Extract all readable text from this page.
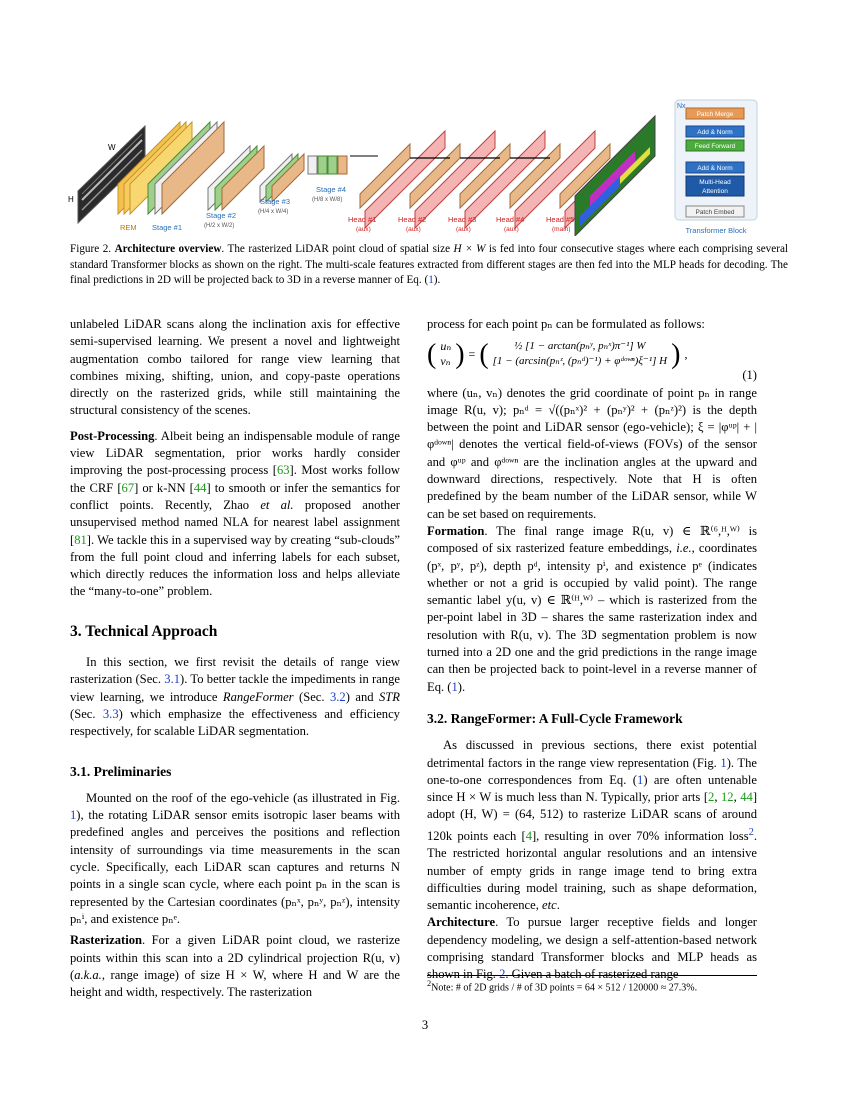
W
H
REM Stage #1
Stage #2
(H/2 x W/2)
Stage #3
(H/4 x W/4)
Stage #4
(H/8 x W/8)
Head #1
(aux)
Head #2
(aux)
Head #3
(aux)
Head #4
(aux)
Head #5
(main)
Nx
Patch Merge
Add & Norm
Feed Forward
Add & Norm
Multi-Head
Attention
Patch Embed
Transformer Block
Figure 2. Architecture overview. The rasterized LiDAR point cloud of spatial size H × W is fed into four consecutive stages where each comprising several standard Transformer blocks as shown on the right. The multi-scale features extracted from different stages are then fed into the MLP heads for decoding. The final predictions in 2D will be projected back to 3D in a reverse manner of Eq. (1).

unlabeled LiDAR scans along the inclination axis for effective semi-supervised learning. We present a novel and lightweight augmentation combo tailored for range view learning that combines mixing, shifting, union, and copy-paste operations directly on the rasterized grids, while still maintaining the structural consistency of the scenes.

Post-Processing. Albeit being an indispensable module of range view LiDAR segmentation, prior works hardly consider improving the post-processing process [63]. Most works follow the CRF [67] or k-NN [44] to smooth or infer the semantics for conflict points. Recently, Zhao et al. proposed another unsupervised method named NLA for nearest label assignment [81]. We tackle this in a supervised way by creating “sub-clouds” from the full point cloud and inferring labels for each subset, which directly reduces the information loss and helps alleviate the “many-to-one” problem.

3. Technical Approach

In this section, we first revisit the details of range view rasterization (Sec. 3.1). To better tackle the impediments in range view learning, we introduce RangeFormer (Sec. 3.2) and STR (Sec. 3.3) which emphasize the effectiveness and efficiency respectively, for scalable LiDAR segmentation.

3.1. Preliminaries

Mounted on the roof of the ego-vehicle (as illustrated in Fig. 1), the rotating LiDAR sensor emits isotropic laser beams with predefined angles and perceives the positions and reflection intensity of surroundings via time measurements in the scan cycle. Specifically, each LiDAR scan captures and returns N points in a single scan cycle, where each point pₙ in the scan is represented by the Cartesian coordinates (pₙˣ, pₙʸ, pₙᶻ), intensity pₙⁱ, and existence pₙᵉ.

Rasterization. For a given LiDAR point cloud, we rasterize points within this scan into a 2D cylindrical projection R(u, v) (a.k.a., range image) of size H × W, where H and W are the height and width, respectively. The rasterization

process for each point pₙ can be formulated as follows:

( uₙ
vₙ ) = (	½ [1 − arctan(pₙʸ, pₙˣ)π⁻¹] W
[1 − (arcsin(pₙᶻ, (pₙᵈ)⁻¹) + φᵈᵒʷⁿ)ξ⁻¹] H ) ,
(1)

where (uₙ, vₙ) denotes the grid coordinate of point pₙ in range image R(u, v); pₙᵈ = √((pₙˣ)² + (pₙʸ)² + (pₙᶻ)²) is the depth between the point and LiDAR sensor (ego-vehicle); ξ = |φᵘᵖ| + |φᵈᵒʷⁿ| denotes the vertical field-of-views (FOVs) of the sensor and φᵘᵖ and φᵈᵒʷⁿ are the inclination angles at the upward and downward directions, respectively. Note that H is often predefined by the beam number of the LiDAR sensor, while W can be set based on requirements.

Formation. The final range image R(u, v) ∈ ℝ⁽⁶,ᴴ,ᵂ⁾ is composed of six rasterized feature embeddings, i.e., coordinates (pˣ, pʸ, pᶻ), depth pᵈ, intensity pⁱ, and existence pᵉ (indicates whether or not a grid is occupied by valid point). The range semantic label y(u, v) ∈ ℝ⁽ᴴ,ᵂ⁾ – which is rasterized from the per-point label in 3D – shares the same rasterization index and resolution with R(u, v). The 3D segmentation problem is now turned into a 2D one and the grid predictions in the range image can then be projected back to point-level in a reverse manner of Eq. (1).

3.2. RangeFormer: A Full-Cycle Framework

As discussed in previous sections, there exist potential detrimental factors in the range view representation (Fig. 1). The one-to-one correspondences from Eq. (1) are often untenable since H × W is much less than N. Typically, prior arts [2, 12, 44] adopt (H, W) = (64, 512) to rasterize LiDAR scans of around 120k points each [4], resulting in over 70% information loss$^2$. The restricted horizontal angular resolutions and an intensive number of empty grids in range image tend to bring extra difficulties during model training, such as shape deformation, semantic incoherence, etc.

Architecture. To pursue larger receptive fields and longer dependency modeling, we design a self-attention-based network comprising standard Transformer blocks and MLP heads as shown in Fig. 2. Given a batch of rasterized range

$^2$Note: # of 2D grids / # of 3D points = 64 × 512 / 120000 ≈ 27.3%.
3
